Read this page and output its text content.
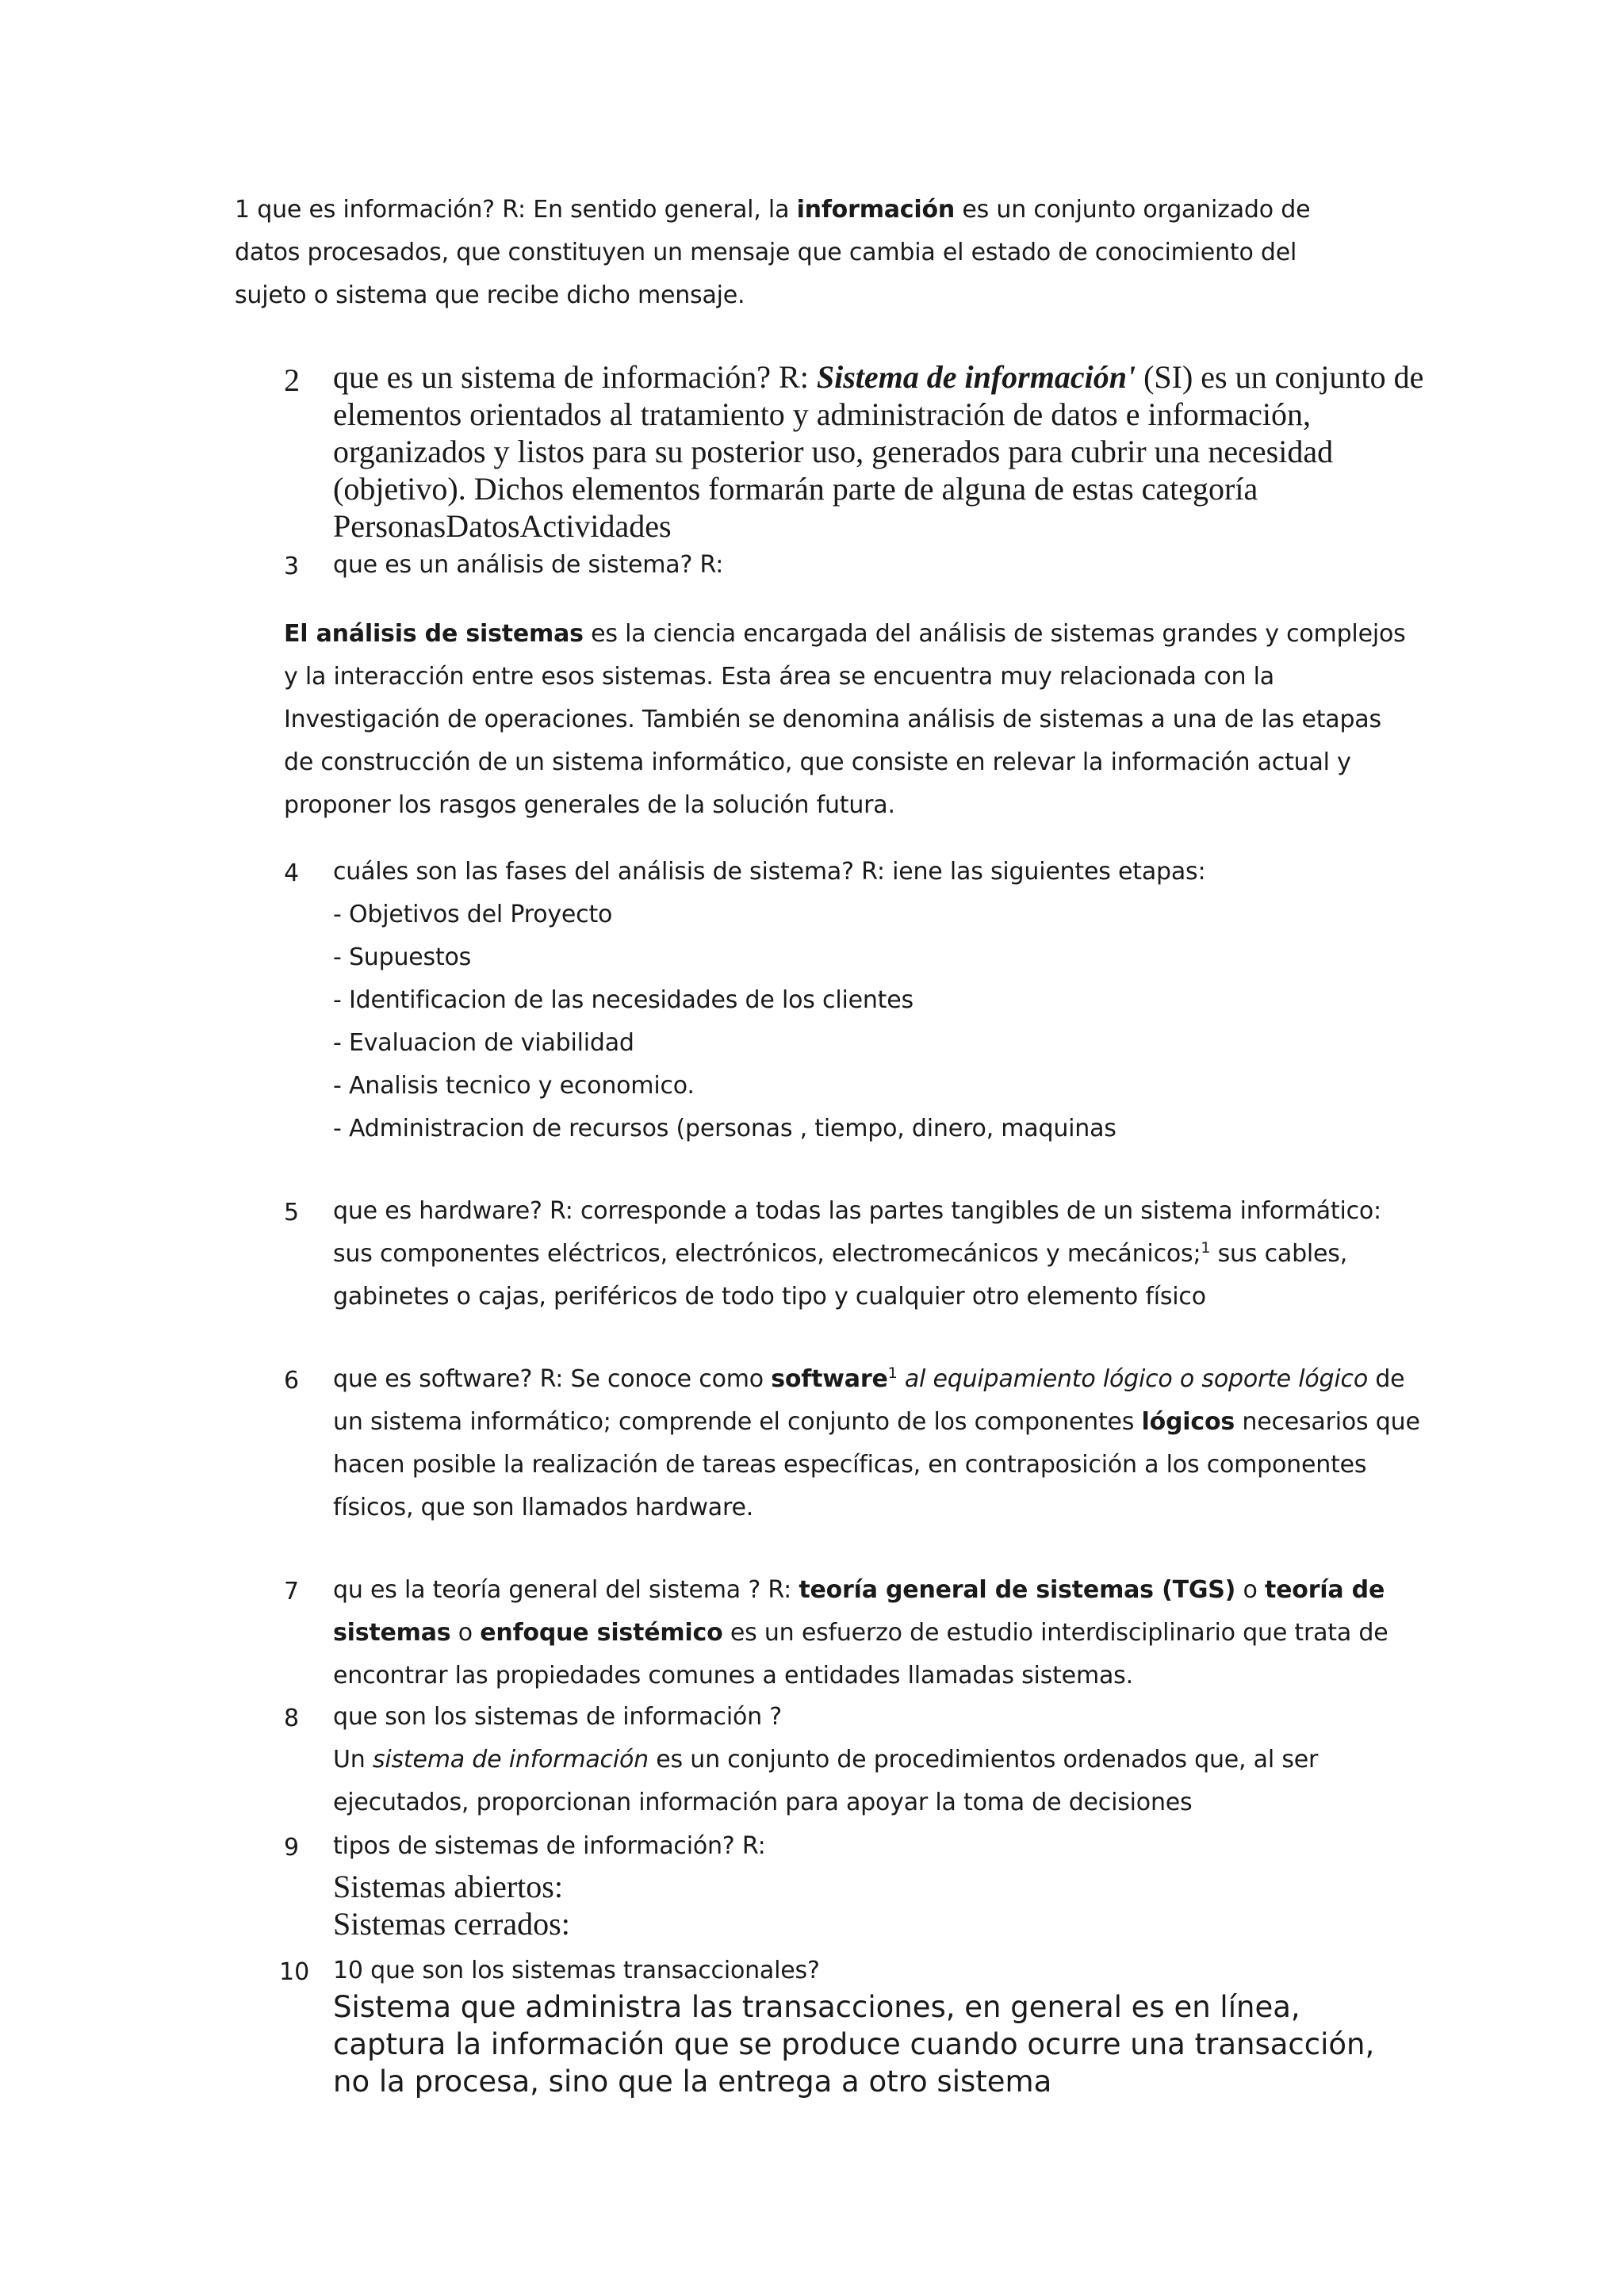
1 que es información? R: En sentido general, la información es un conjunto organizado de datos procesados, que constituyen un mensaje que cambia el estado de conocimiento del sujeto o sistema que recibe dicho mensaje.

2 que es un sistema de información? R: Sistema de información' (SI) es un conjunto de elementos orientados al tratamiento y administración de datos e información, organizados y listos para su posterior uso, generados para cubrir una necesidad (objetivo). Dichos elementos formarán parte de alguna de estas categoría PersonasDatosActividades

3 que es un análisis de sistema? R:

El análisis de sistemas es la ciencia encargada del análisis de sistemas grandes y complejos y la interacción entre esos sistemas. Esta área se encuentra muy relacionada con la Investigación de operaciones. También se denomina análisis de sistemas a una de las etapas de construcción de un sistema informático, que consiste en relevar la información actual y proponer los rasgos generales de la solución futura.

4 cuáles son las fases del análisis de sistema? R: iene las siguientes etapas:
- Objetivos del Proyecto
- Supuestos
- Identificacion de las necesidades de los clientes
- Evaluacion de viabilidad
- Analisis tecnico y economico.
- Administracion de recursos (personas , tiempo, dinero, maquinas
5 que es hardware? R: corresponde a todas las partes tangibles de un sistema informático: sus componentes eléctricos, electrónicos, electromecánicos y mecánicos;$^1$ sus cables, gabinetes o cajas, periféricos de todo tipo y cualquier otro elemento físico

6 que es software? R: Se conoce como software$^1$ al equipamiento lógico o soporte lógico de un sistema informático; comprende el conjunto de los componentes lógicos necesarios que hacen posible la realización de tareas específicas, en contraposición a los componentes físicos, que son llamados hardware.

7 qu es la teoría general del sistema ? R: teoría general de sistemas (TGS) o teoría de sistemas o enfoque sistémico es un esfuerzo de estudio interdisciplinario que trata de encontrar las propiedades comunes a entidades llamadas sistemas.

8 que son los sistemas de información ?
Un sistema de información es un conjunto de procedimientos ordenados que, al ser ejecutados, proporcionan información para apoyar la toma de decisiones
9 tipos de sistemas de información? R:

Sistemas abiertos:
Sistemas cerrados:
10 10 que son los sistemas transaccionales?

Sistema que administra las transacciones, en general es en línea, captura la información que se produce cuando ocurre una transacción, no la procesa, sino que la entrega a otro sistema
